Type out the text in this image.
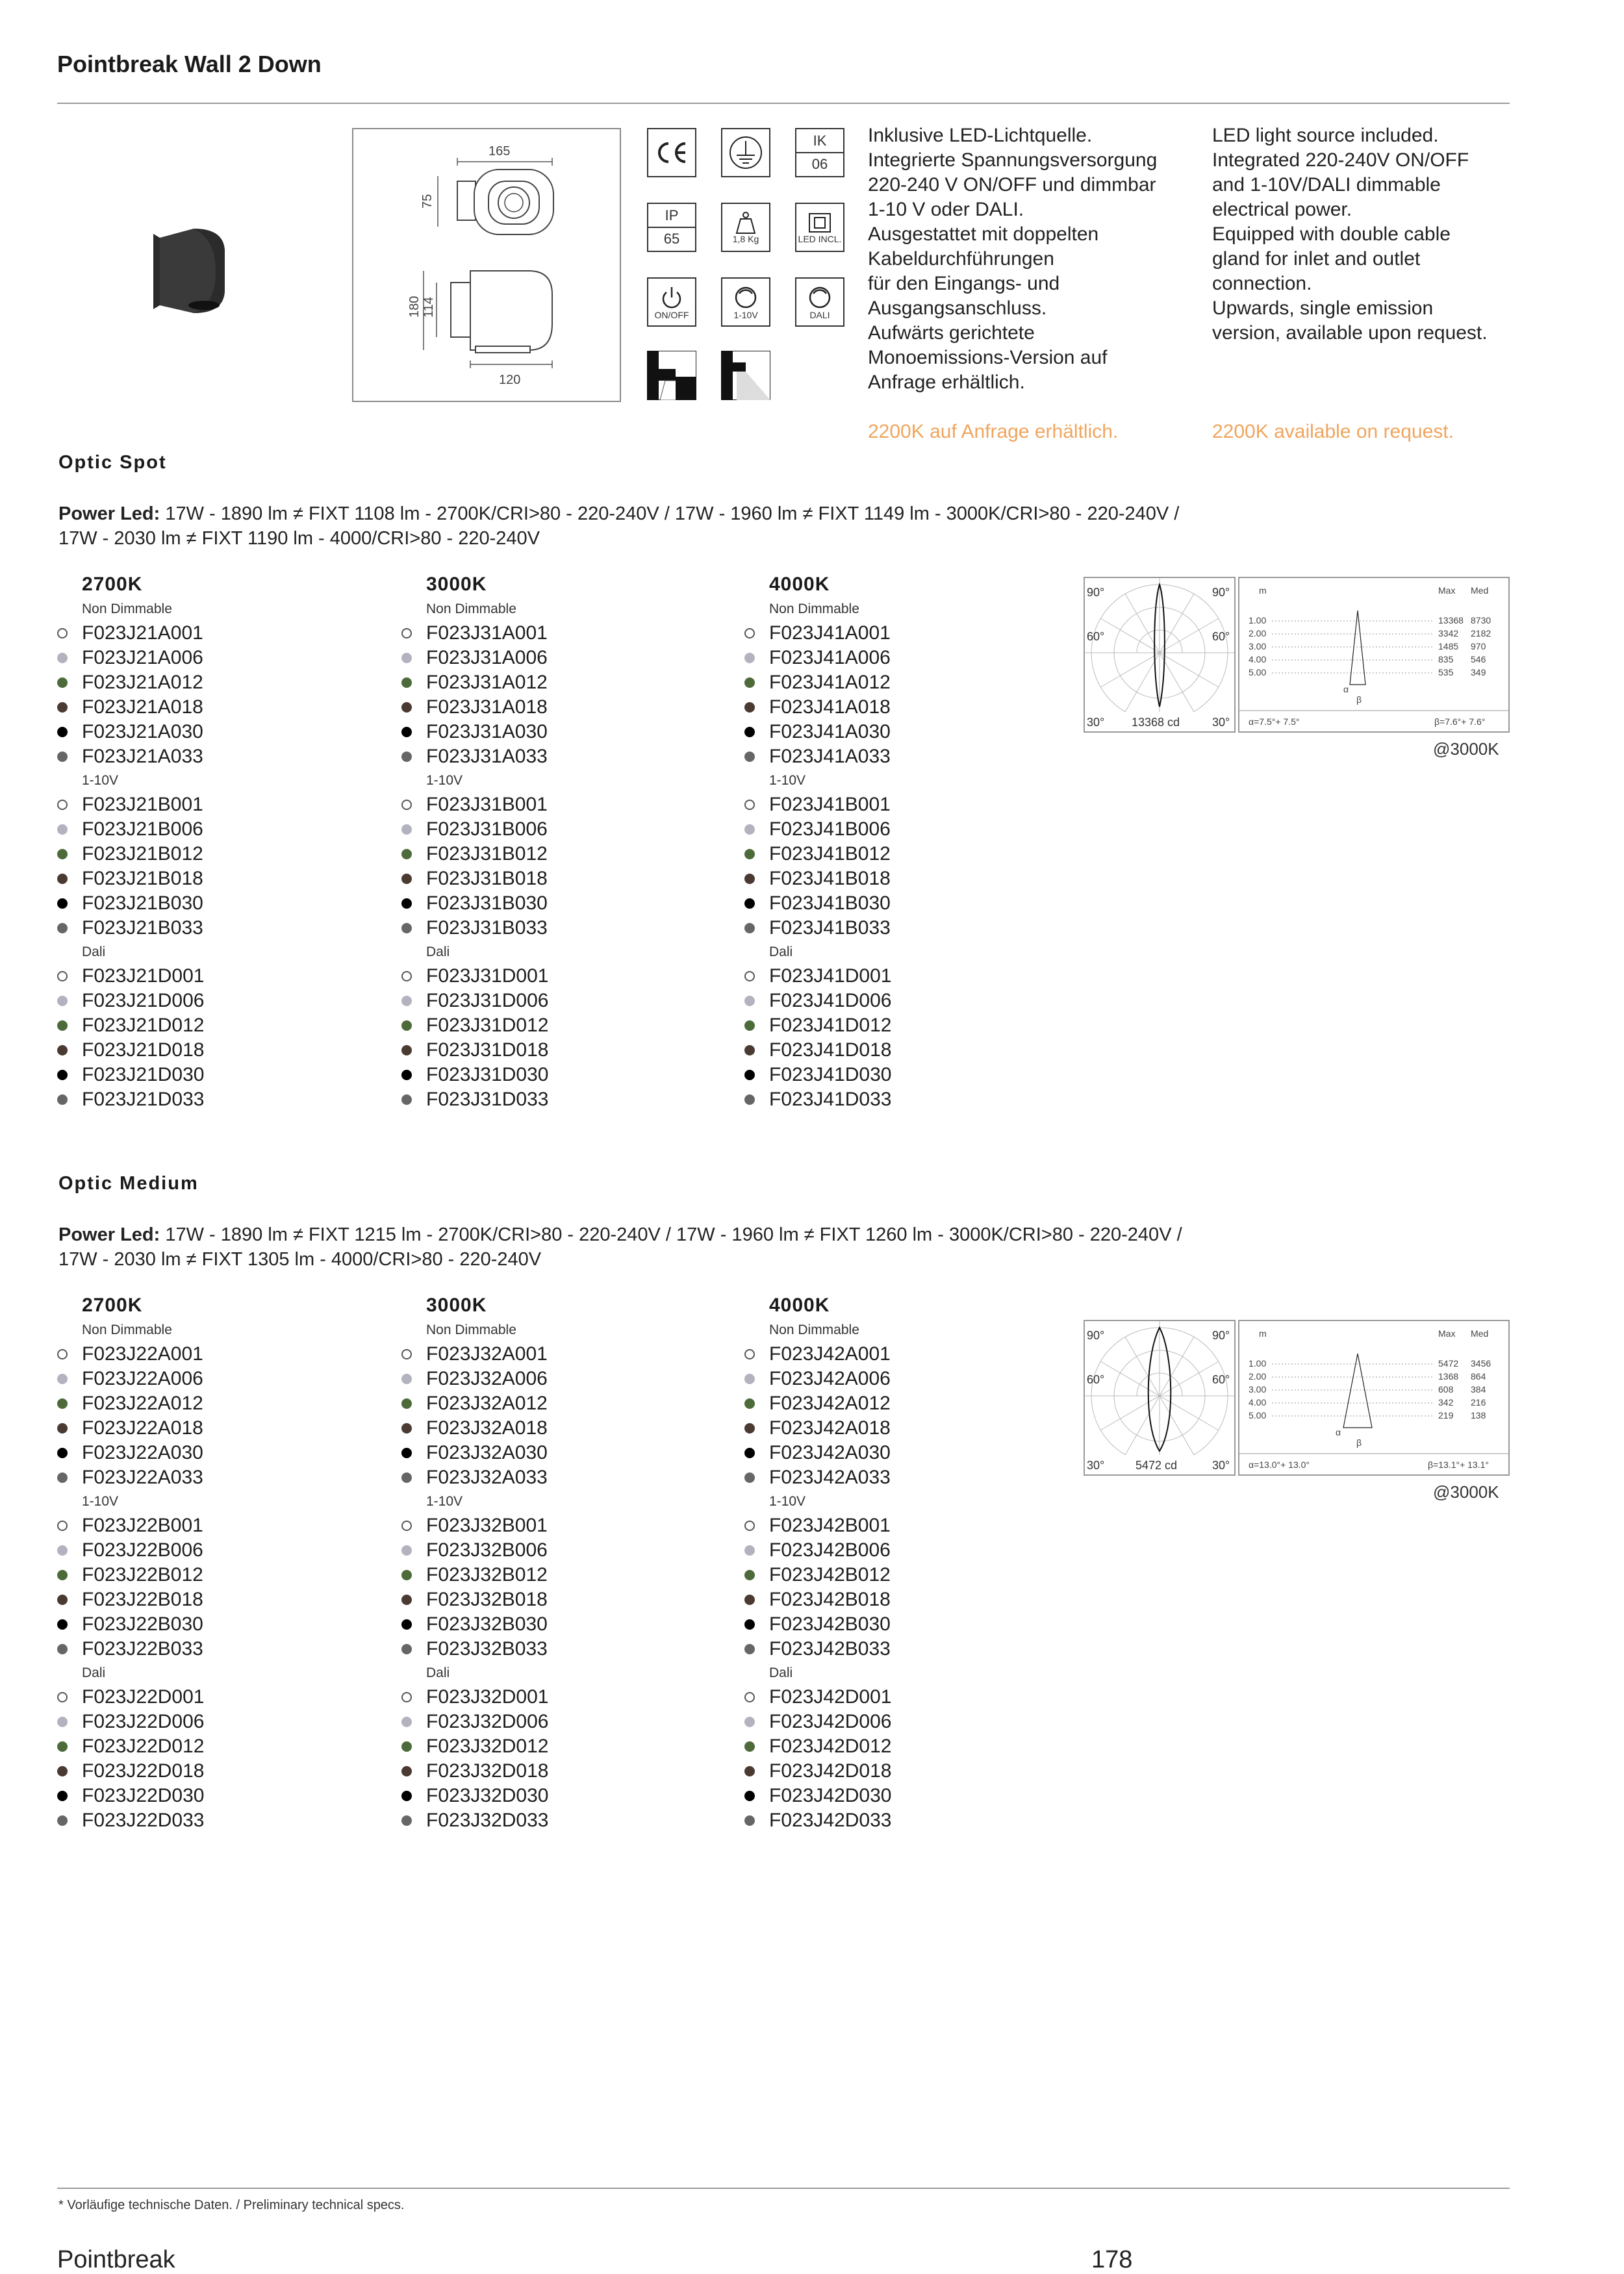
Pointbreak Wall 2 Down
165
75
180 114
120
IK
06
IP
65	1,8 Kg	LED INCL.
ON/OFF	1-10V	DALI
Inklusive LED-Lichtquelle.
Integrierte Spannungsversorgung
220-240 V ON/OFF und dimmbar
1-10 V oder DALI.
Ausgestattet mit doppelten
Kabeldurchführungen
für den Eingangs- und
Ausgangsanschluss.
Aufwärts gerichtete
Monoemissions-Version auf
Anfrage erhältlich.
LED light source included.
Integrated 220-240V ON/OFF
and 1-10V/DALI dimmable
electrical power.
Equipped with double cable
gland for inlet and outlet
connection.
Upwards, single emission
version, available upon request.
2200K auf Anfrage erhältlich.	2200K available on request.
Optic Spot
Power Led: 17W - 1890 lm ≠ FIXT 1108 lm - 2700K/CRI>80 - 220-240V / 17W - 1960 lm ≠ FIXT 1149 lm - 3000K/CRI>80 - 220-240V /
17W - 2030 lm ≠ FIXT 1190 lm - 4000/CRI>80 - 220-240V
2700K
Non Dimmable
F023J21A001
F023J21A006
F023J21A012
F023J21A018
F023J21A030
F023J21A033
1-10V
F023J21B001
F023J21B006
F023J21B012
F023J21B018
F023J21B030
F023J21B033
Dali
F023J21D001
F023J21D006
F023J21D012
F023J21D018
F023J21D030
F023J21D033
3000K
Non Dimmable
F023J31A001
F023J31A006
F023J31A012
F023J31A018
F023J31A030
F023J31A033
1-10V
F023J31B001
F023J31B006
F023J31B012
F023J31B018
F023J31B030
F023J31B033
Dali
F023J31D001
F023J31D006
F023J31D012
F023J31D018
F023J31D030
F023J31D033
4000K
Non Dimmable
F023J41A001
F023J41A006
F023J41A012
F023J41A018
F023J41A030
F023J41A033
1-10V
F023J41B001
F023J41B006
F023J41B012
F023J41B018
F023J41B030
F023J41B033
Dali
F023J41D001
F023J41D006
F023J41D012
F023J41D018
F023J41D030
F023J41D033
90°	90°
60°	60°
30°	30°
13368 cd
m	Max Med
1.00	13368 8730
2.00	3342 2182
3.00	1485 970
4.00	835 546
5.00	535 349
α
β
α=7.5°+ 7.5°	β=7.6°+ 7.6°
@3000K
Optic Medium
Power Led: 17W - 1890 lm ≠ FIXT 1215 lm - 2700K/CRI>80 - 220-240V / 17W - 1960 lm ≠ FIXT 1260 lm - 3000K/CRI>80 - 220-240V /
17W - 2030 lm ≠ FIXT 1305 lm - 4000/CRI>80 - 220-240V
2700K
Non Dimmable
F023J22A001
F023J22A006
F023J22A012
F023J22A018
F023J22A030
F023J22A033
1-10V
F023J22B001
F023J22B006
F023J22B012
F023J22B018
F023J22B030
F023J22B033
Dali
F023J22D001
F023J22D006
F023J22D012
F023J22D018
F023J22D030
F023J22D033
3000K
Non Dimmable
F023J32A001
F023J32A006
F023J32A012
F023J32A018
F023J32A030
F023J32A033
1-10V
F023J32B001
F023J32B006
F023J32B012
F023J32B018
F023J32B030
F023J32B033
Dali
F023J32D001
F023J32D006
F023J32D012
F023J32D018
F023J32D030
F023J32D033
4000K
Non Dimmable
F023J42A001
F023J42A006
F023J42A012
F023J42A018
F023J42A030
F023J42A033
1-10V
F023J42B001
F023J42B006
F023J42B012
F023J42B018
F023J42B030
F023J42B033
Dali
F023J42D001
F023J42D006
F023J42D012
F023J42D018
F023J42D030
F023J42D033
90°	90°
60°	60°
30°	30°
5472 cd
m	Max Med
1.00	5472 3456
2.00	1368 864
3.00	608 384
4.00	342 216
5.00	219 138
α
β
α=13.0°+ 13.0°	β=13.1°+ 13.1°
@3000K
* Vorläufige technische Daten. / Preliminary technical specs.
Pointbreak	178
